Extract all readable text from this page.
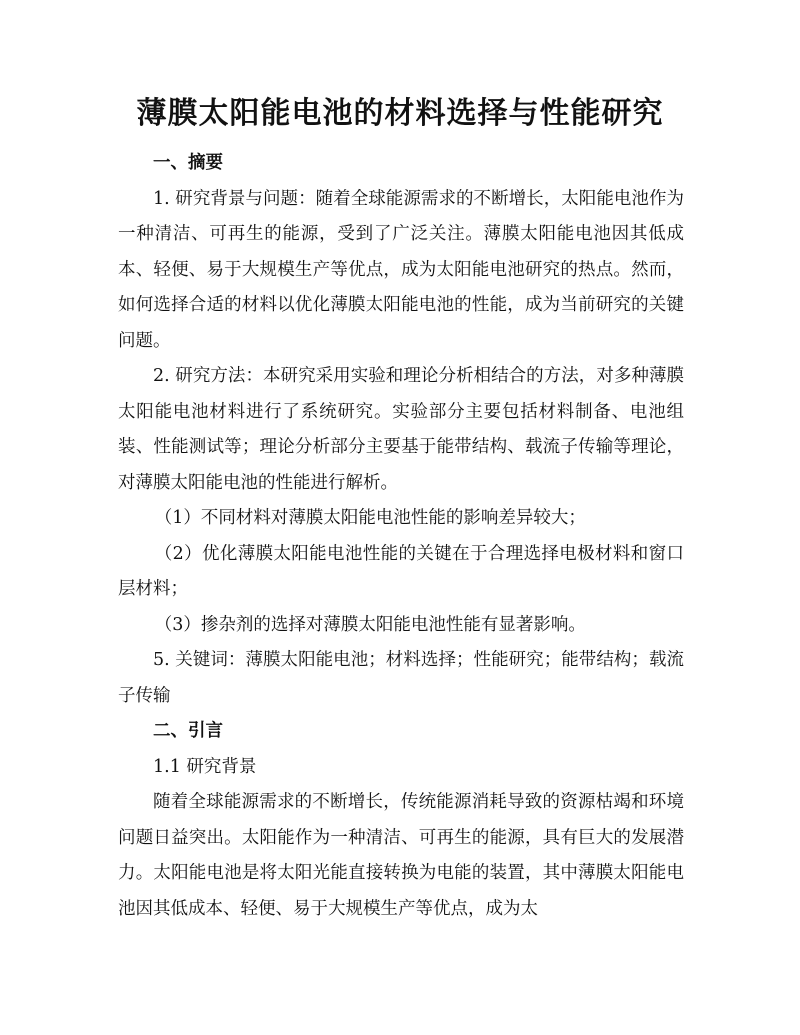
薄膜太阳能电池的材料选择与性能研究

一、摘要

1. 研究背景与问题：随着全球能源需求的不断增长，太阳能电池作为一种清洁、可再生的能源，受到了广泛关注。薄膜太阳能电池因其低成本、轻便、易于大规模生产等优点，成为太阳能电池研究的热点。然而，如何选择合适的材料以优化薄膜太阳能电池的性能，成为当前研究的关键问题。

2. 研究方法：本研究采用实验和理论分析相结合的方法，对多种薄膜太阳能电池材料进行了系统研究。实验部分主要包括材料制备、电池组装、性能测试等；理论分析部分主要基于能带结构、载流子传输等理论，对薄膜太阳能电池的性能进行解析。

（1）不同材料对薄膜太阳能电池性能的影响差异较大；

（2）优化薄膜太阳能电池性能的关键在于合理选择电极材料和窗口层材料；

（3）掺杂剂的选择对薄膜太阳能电池性能有显著影响。

5. 关键词：薄膜太阳能电池；材料选择；性能研究；能带结构；载流子传输

二、引言

1.1 研究背景

随着全球能源需求的不断增长，传统能源消耗导致的资源枯竭和环境问题日益突出。太阳能作为一种清洁、可再生的能源，具有巨大的发展潜力。太阳能电池是将太阳光能直接转换为电能的装置，其中薄膜太阳能电池因其低成本、轻便、易于大规模生产等优点，成为太
